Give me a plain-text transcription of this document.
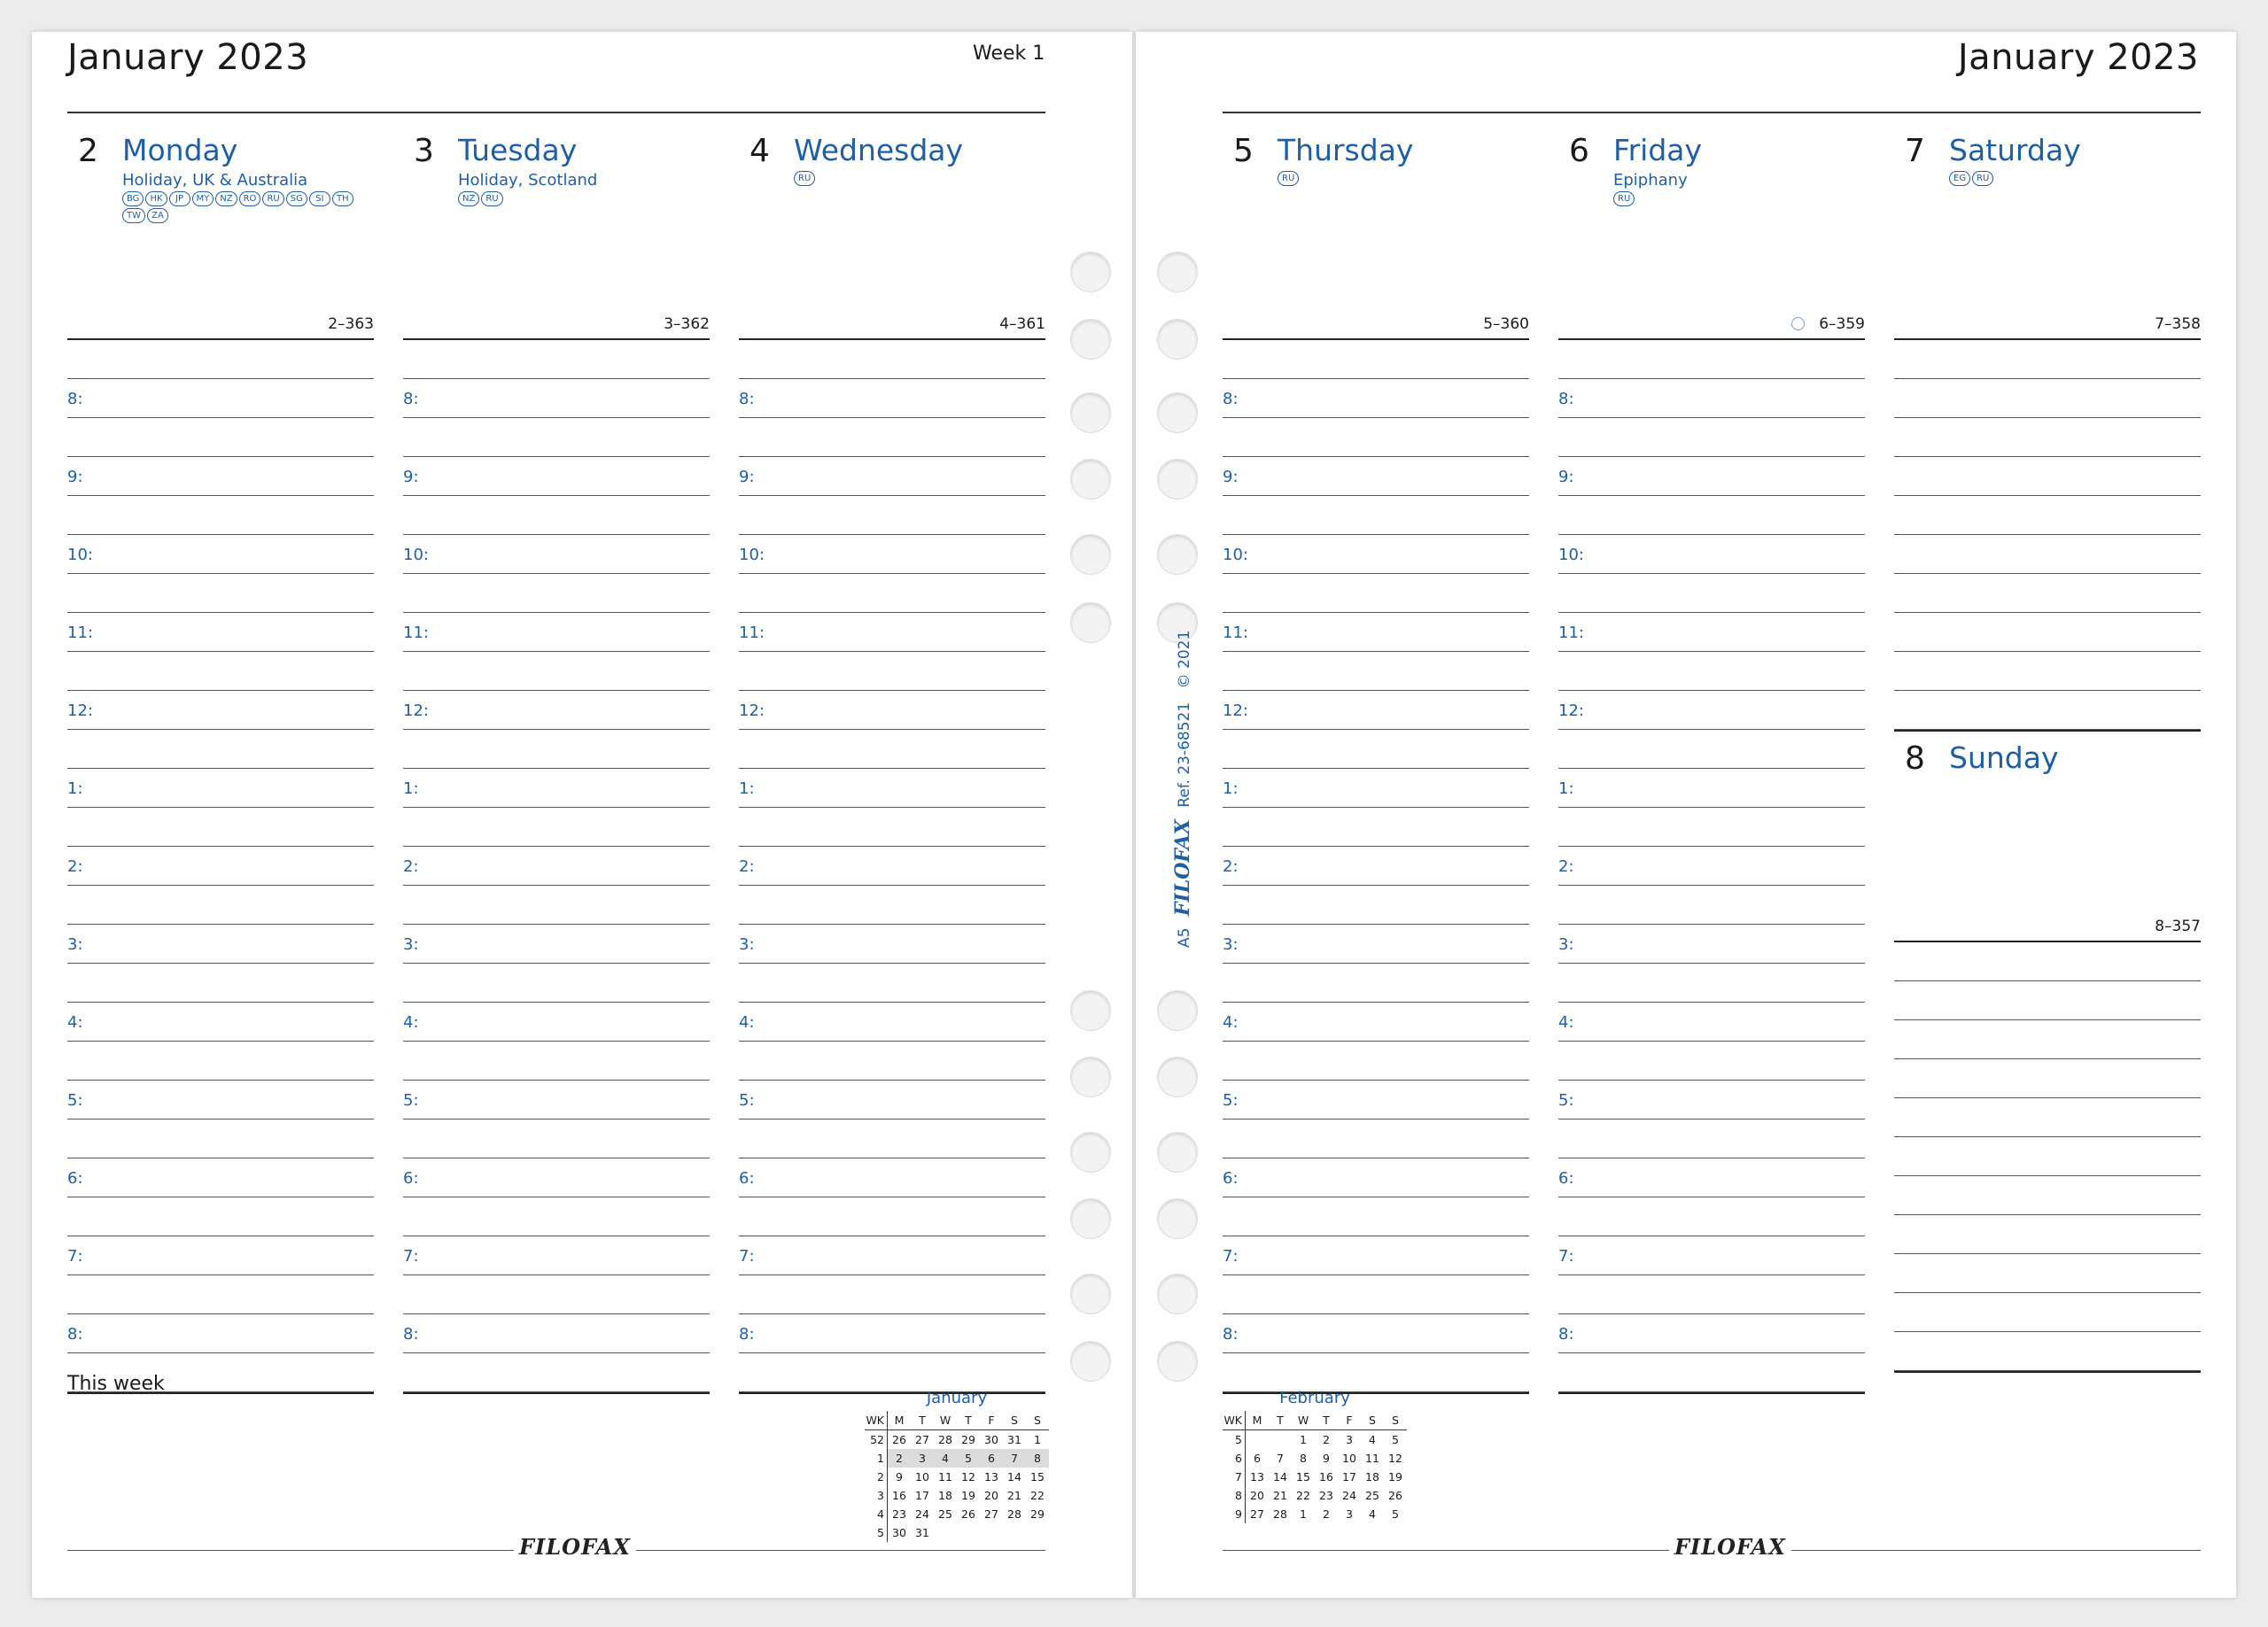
January 2023	Week 1	January 2023
2 Monday
Holiday, UK & Australia
BG	HK	JP	MY	NZ	RO	RU	SG	SI	TH
TW	ZA
2–363
8:
9:
10:
11:
12:
1:
2:
3:
4:
5:
6:
7:
8:
3 Tuesday
Holiday, Scotland
NZ	RU
3–362
8:
9:
10:
11:
12:
1:
2:
3:
4:
5:
6:
7:
8:
4 Wednesday
RU
4–361
8:
9:
10:
11:
12:
1:
2:
3:
4:
5:
6:
7:
8:
5 Thursday
RU
5–360
8:
9:
10:
11:
12:
1:
2:
3:
4:
5:
6:
7:
8:
6 Friday
Epiphany
RU
6–359
8:
9:
10:
11:
12:
1:
2:
3:
4:
5:
6:
7:
8:
7 Saturday
EG	RU
7–358
8 Sunday
8–357
This week
January
WK	M	T	W	T	F	S	S
52	26	27	28	29	30	31	1
1	2	3	4	5	6	7	8
2	9	10	11	12	13	14	15
3	16	17	18	19	20	21	22
4	23	24	25	26	27	28	29
5	30	31					
February
WK	M	T	W	T	F	S	S
5			1	2	3	4	5
6	6	7	8	9	10	11	12
7	13	14	15	16	17	18	19
8	20	21	22	23	24	25	26
9	27	28	1	2	3	4	5
FILOFAX	FILOFAX
A5 FILOFAX Ref. 23-68521 © 2021
